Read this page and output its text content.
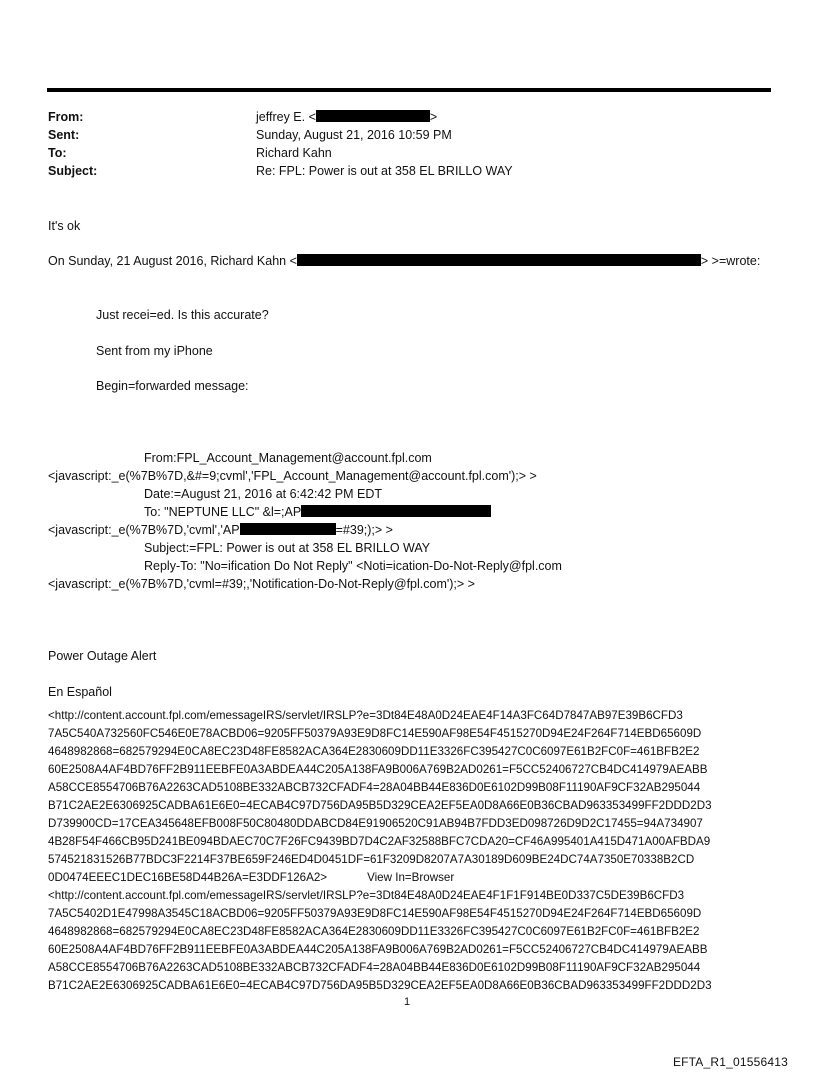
From:	jeffrey E. <	>
Sent:	Sunday, August 21, 2016 10:59 PM
To:	Richard Kahn
Subject:	Re: FPL: Power is out at 358 EL BRILLO WAY
It's ok
On Sunday, 21 August 2016, Richard Kahn <	> >=wrote:
Just recei=ed. Is this accurate?
Sent from my iPhone
Begin=forwarded message:
From:FPL_Account_Management@account.fpl.com
<javascript:_e(%7B%7D,&#=9;cvml','FPL_Account_Management@account.fpl.com');> >
Date:=August 21, 2016 at 6:42:42 PM EDT
To: "NEPTUNE LLC" &l=;AP
<javascript:_e(%7B%7D,'cvml','AP	=#39;);> >
Subject:=FPL: Power is out at 358 EL BRILLO WAY
Reply-To: "No=ification Do Not Reply" <Noti=ication-Do-Not-Reply@fpl.com
<javascript:_e(%7B%7D,'cvml=#39;,'Notification-Do-Not-Reply@fpl.com');> >
Power Outage Alert
En Español
<http://content.account.fpl.com/emessageIRS/servlet/IRSLP?e=3Dt84E48A0D24EAE4F14A3FC64D7847AB97E39B6CFD3
7A5C540A732560FC546E0E78ACBD06=9205FF50379A93E9D8FC14E590AF98E54F4515270D94E24F264F714EBD65609D
4648982868=682579294E0CA8EC23D48FE8582ACA364E2830609DD11E3326FC395427C0C6097E61B2FC0F=461BFB2E2
60E2508A4AF4BD76FF2B911EEBFE0A3ABDEA44C205A138FA9B006A769B2AD0261=F5CC52406727CB4DC414979AEABB
A58CCE8554706B76A2263CAD5108BE332ABCB732CFADF4=28A04BB44E836D0E6102D99B08F11190AF9CF32AB295044
B71C2AE2E6306925CADBA61E6E0=4ECAB4C97D756DA95B5D329CEA2EF5EA0D8A66E0B36CBAD963353499FF2DDD2D3
D739900CD=17CEA345648EFB008F50C80480DDABCD84E91906520C91AB94B7FDD3ED098726D9D2C17455=94A734907
4B28F54F466CB95D241BE094BDAEC70C7F26FC9439BD7D4C2AF32588BFC7CDA20=CF46A995401A415D471A00AFBDA9
574521831526B77BDC3F2214F37BE659F246ED4D0451DF=61F3209D8207A7A30189D609BE24DC74A7350E70338B2CD
0D0474EEEC1DEC16BE58D44B26A=E3DDF126A2>	View In=Browser
<http://content.account.fpl.com/emessageIRS/servlet/IRSLP?e=3Dt84E48A0D24EAE4F1F1F914BE0D337C5DE39B6CFD3
7A5C5402D1E47998A3545C18ACBD06=9205FF50379A93E9D8FC14E590AF98E54F4515270D94E24F264F714EBD65609D
4648982868=682579294E0CA8EC23D48FE8582ACA364E2830609DD11E3326FC395427C0C6097E61B2FC0F=461BFB2E2
60E2508A4AF4BD76FF2B911EEBFE0A3ABDEA44C205A138FA9B006A769B2AD0261=F5CC52406727CB4DC414979AEABB
A58CCE8554706B76A2263CAD5108BE332ABCB732CFADF4=28A04BB44E836D0E6102D99B08F11190AF9CF32AB295044
B71C2AE2E6306925CADBA61E6E0=4ECAB4C97D756DA95B5D329CEA2EF5EA0D8A66E0B36CBAD963353499FF2DDD2D3
1
EFTA_R1_01556413
